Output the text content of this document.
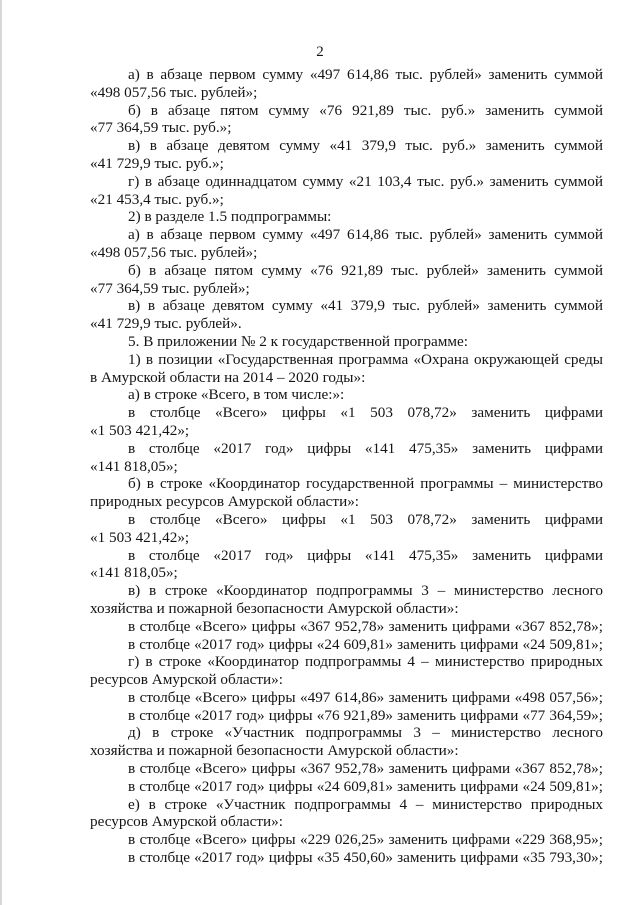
2
а) в абзаце первом сумму «497 614,86 тыс. рублей» заменить суммой
«498 057,56 тыс. рублей»;
б) в абзаце пятом сумму «76 921,89 тыс. руб.» заменить суммой
«77 364,59 тыс. руб.»;
в) в абзаце девятом сумму «41 379,9 тыс. руб.» заменить суммой
«41 729,9 тыс. руб.»;
г) в абзаце одиннадцатом сумму «21 103,4 тыс. руб.» заменить суммой
«21 453,4 тыс. руб.»;
2) в разделе 1.5 подпрограммы:
а) в абзаце первом сумму «497 614,86 тыс. рублей» заменить суммой
«498 057,56 тыс. рублей»;
б) в абзаце пятом сумму «76 921,89 тыс. рублей» заменить суммой
«77 364,59 тыс. рублей»;
в) в абзаце девятом сумму «41 379,9 тыс. рублей» заменить суммой
«41 729,9 тыс. рублей».
5. В приложении № 2 к государственной программе:
1) в позиции «Государственная программа «Охрана окружающей среды
в Амурской области на 2014 – 2020 годы»:
а) в строке «Всего, в том числе:»:
в столбце «Всего» цифры «1 503 078,72» заменить цифрами
«1 503 421,42»;
в столбце «2017 год» цифры «141 475,35» заменить цифрами
«141 818,05»;
б) в строке «Координатор государственной программы – министерство
природных ресурсов Амурской области»:
в столбце «Всего» цифры «1 503 078,72» заменить цифрами
«1 503 421,42»;
в столбце «2017 год» цифры «141 475,35» заменить цифрами
«141 818,05»;
в) в строке «Координатор подпрограммы 3 – министерство лесного
хозяйства и пожарной безопасности Амурской области»:
в столбце «Всего» цифры «367 952,78» заменить цифрами «367 852,78»;
в столбце «2017 год» цифры «24 609,81» заменить цифрами «24 509,81»;
г) в строке «Координатор подпрограммы 4 – министерство природных
ресурсов Амурской области»:
в столбце «Всего» цифры «497 614,86» заменить цифрами «498 057,56»;
в столбце «2017 год» цифры «76 921,89» заменить цифрами «77 364,59»;
д) в строке «Участник подпрограммы 3 – министерство лесного
хозяйства и пожарной безопасности Амурской области»:
в столбце «Всего» цифры «367 952,78» заменить цифрами «367 852,78»;
в столбце «2017 год» цифры «24 609,81» заменить цифрами «24 509,81»;
е) в строке «Участник подпрограммы 4 – министерство природных
ресурсов Амурской области»:
в столбце «Всего» цифры «229 026,25» заменить цифрами «229 368,95»;
в столбце «2017 год» цифры «35 450,60» заменить цифрами «35 793,30»;
